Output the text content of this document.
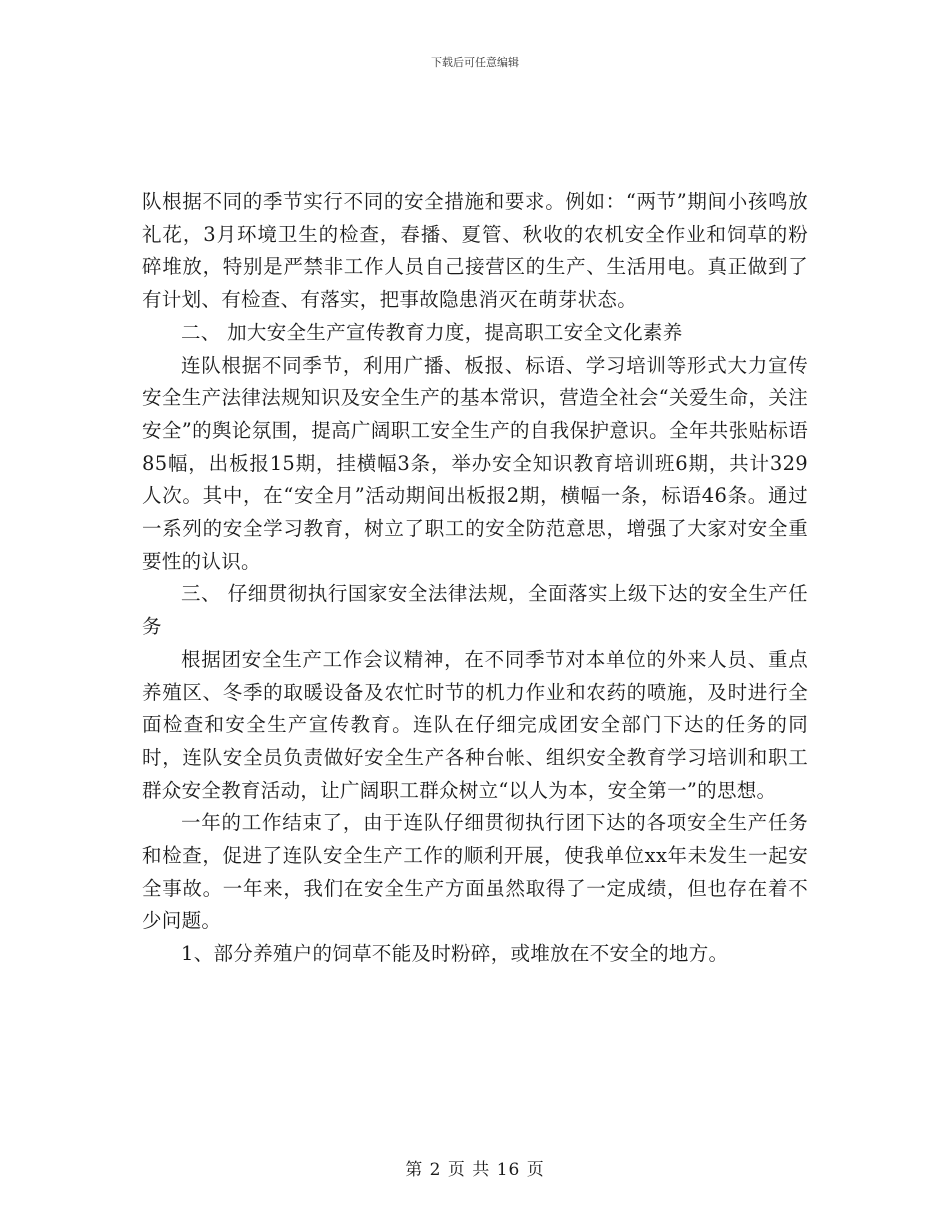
下载后可任意编辑

队根据不同的季节实行不同的安全措施和要求。例如：“两节”期间小孩鸣放礼花，3月环境卫生的检查，春播、夏管、秋收的农机安全作业和饲草的粉碎堆放，特别是严禁非工作人员自己接营区的生产、生活用电。真正做到了有计划、有检查、有落实，把事故隐患消灭在萌芽状态。

二、 加大安全生产宣传教育力度，提高职工安全文化素养

连队根据不同季节，利用广播、板报、标语、学习培训等形式大力宣传安全生产法律法规知识及安全生产的基本常识，营造全社会“关爱生命，关注安全”的舆论氛围，提高广阔职工安全生产的自我保护意识。全年共张贴标语85幅，出板报15期，挂横幅3条，举办安全知识教育培训班6期，共计329人次。其中，在“安全月”活动期间出板报2期，横幅一条，标语46条。通过一系列的安全学习教育，树立了职工的安全防范意思，增强了大家对安全重要性的认识。

三、 仔细贯彻执行国家安全法律法规，全面落实上级下达的安全生产任务

根据团安全生产工作会议精神，在不同季节对本单位的外来人员、重点养殖区、冬季的取暖设备及农忙时节的机力作业和农药的喷施，及时进行全面检查和安全生产宣传教育。连队在仔细完成团安全部门下达的任务的同时，连队安全员负责做好安全生产各种台帐、组织安全教育学习培训和职工群众安全教育活动，让广阔职工群众树立“以人为本，安全第一”的思想。

一年的工作结束了，由于连队仔细贯彻执行团下达的各项安全生产任务和检查，促进了连队安全生产工作的顺利开展，使我单位xx年未发生一起安全事故。一年来，我们在安全生产方面虽然取得了一定成绩，但也存在着不少问题。

1、部分养殖户的饲草不能及时粉碎，或堆放在不安全的地方。

第 2 页 共 16 页
